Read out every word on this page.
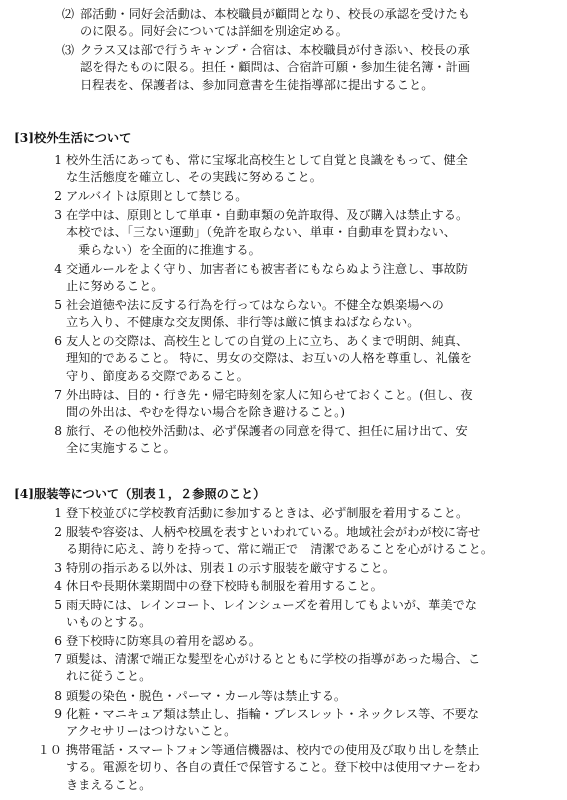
⑵ 部活動・同好会活動は、本校職員が顧問となり、校長の承認を受けたも
のに限る。同好会については詳細を別途定める。
⑶ クラス又は部で行うキャンプ・合宿は、本校職員が付き添い、校長の承
認を得たものに限る。担任・顧問は、合宿許可願・参加生徒名簿・計画
日程表を、保護者は、参加同意書を生徒指導部に提出すること。
[3]校外生活について
1 校外生活にあっても、常に宝塚北高校生として自覚と良識をもって、健全
な生活態度を確立し、その実践に努めること。
2 アルバイトは原則として禁じる。
3 在学中は、原則として単車・自動車類の免許取得、及び購入は禁止する。
本校では、「三ない運動」（免許を取らない、単車・自動車を買わない、
乗らない）を全面的に推進する。
4 交通ルールをよく守り、加害者にも被害者にもならぬよう注意し、事故防
止に努めること。
5 社会道徳や法に反する行為を行ってはならない。不健全な娯楽場への
立ち入り、不健康な交友関係、非行等は厳に慎まねばならない。
6 友人との交際は、高校生としての自覚の上に立ち、あくまで明朗、純真、
理知的であること。 特に、男女の交際は、お互いの人格を尊重し、礼儀を
守り、節度ある交際であること。
7 外出時は、目的・行き先・帰宅時刻を家人に知らせておくこと。(但し、夜
間の外出は、やむを得ない場合を除き避けること。)
8 旅行、その他校外活動は、必ず保護者の同意を得て、担任に届け出て、安
全に実施すること。
[4]服装等について（別表１，２参照のこと）
1 登下校並びに学校教育活動に参加するときは、必ず制服を着用すること。
2 服装や容姿は、人柄や校風を表すといわれている。地域社会がわが校に寄せ
る期待に応え、誇りを持って、常に端正で　清潔であることを心がけること。
3 特別の指示ある以外は、別表１の示す服装を厳守すること。
4 休日や長期休業期間中の登下校時も制服を着用すること。
5 雨天時には、レインコート、レインシューズを着用してもよいが、華美でな
いものとする。
6 登下校時に防寒具の着用を認める。
7 頭髪は、清潔で端正な髪型を心がけるとともに学校の指導があった場合、こ
れに従うこと。
8 頭髪の染色・脱色・パーマ・カール等は禁止する。
9 化粧・マニキュア類は禁止し、指輪・ブレスレット・ネックレス等、不要な
アクセサリーはつけないこと。
１０ 携帯電話・スマートフォン等通信機器は、校内での使用及び取り出しを禁止
する。電源を切り、各自の責任で保管すること。登下校中は使用マナーをわ
きまえること。
